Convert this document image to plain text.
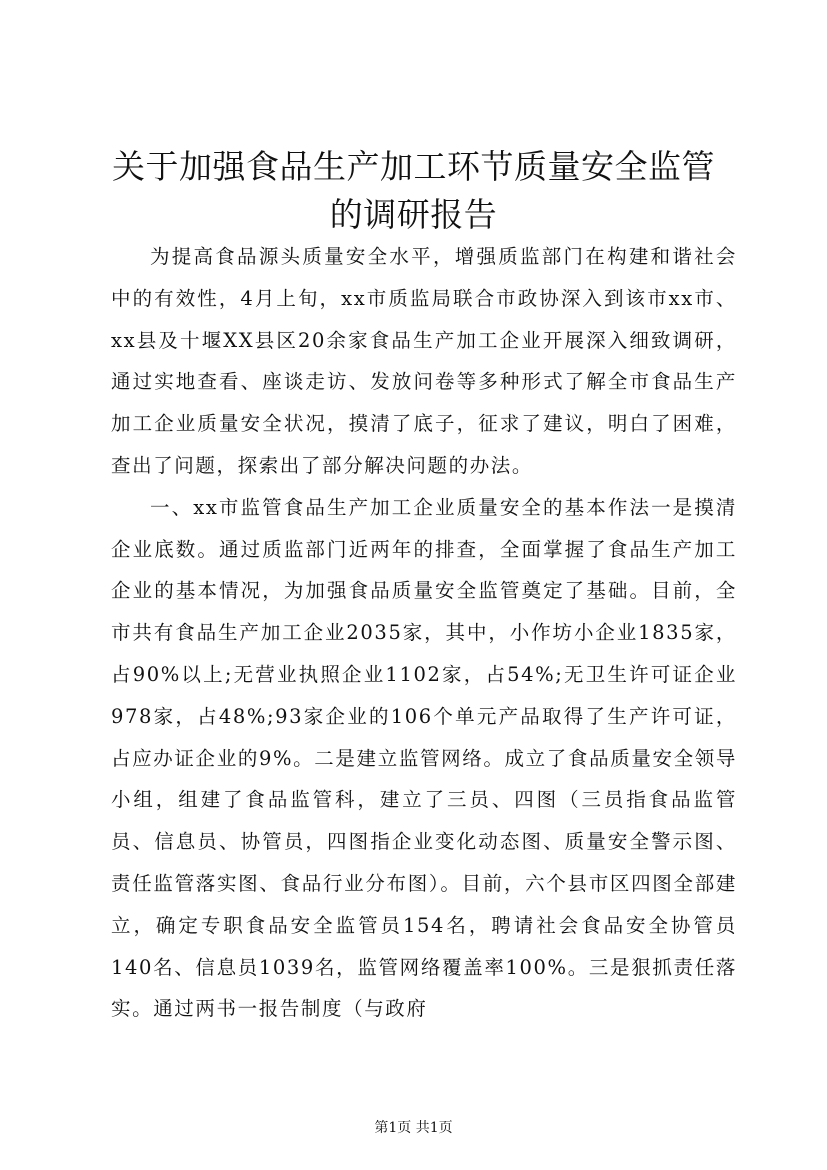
关于加强食品生产加工环节质量安全监管的调研报告

为提高食品源头质量安全水平，增强质监部门在构建和谐社会中的有效性，4月上旬，xx市质监局联合市政协深入到该市xx市、xx县及十堰XX县区20余家食品生产加工企业开展深入细致调研，通过实地查看、座谈走访、发放问卷等多种形式了解全市食品生产加工企业质量安全状况，摸清了底子，征求了建议，明白了困难，查出了问题，探索出了部分解决问题的办法。

一、xx市监管食品生产加工企业质量安全的基本作法一是摸清企业底数。通过质监部门近两年的排查，全面掌握了食品生产加工企业的基本情况，为加强食品质量安全监管奠定了基础。目前，全市共有食品生产加工企业2035家，其中，小作坊小企业1835家，占90%以上;无营业执照企业1102家，占54%;无卫生许可证企业978家，占48%;93家企业的106个单元产品取得了生产许可证，占应办证企业的9%。二是建立监管网络。成立了食品质量安全领导小组，组建了食品监管科，建立了三员、四图（三员指食品监管员、信息员、协管员，四图指企业变化动态图、质量安全警示图、责任监管落实图、食品行业分布图）。目前，六个县市区四图全部建立，确定专职食品安全监管员154名，聘请社会食品安全协管员140名、信息员1039名，监管网络覆盖率100%。三是狠抓责任落实。通过两书一报告制度（与政府

第1页 共1页
